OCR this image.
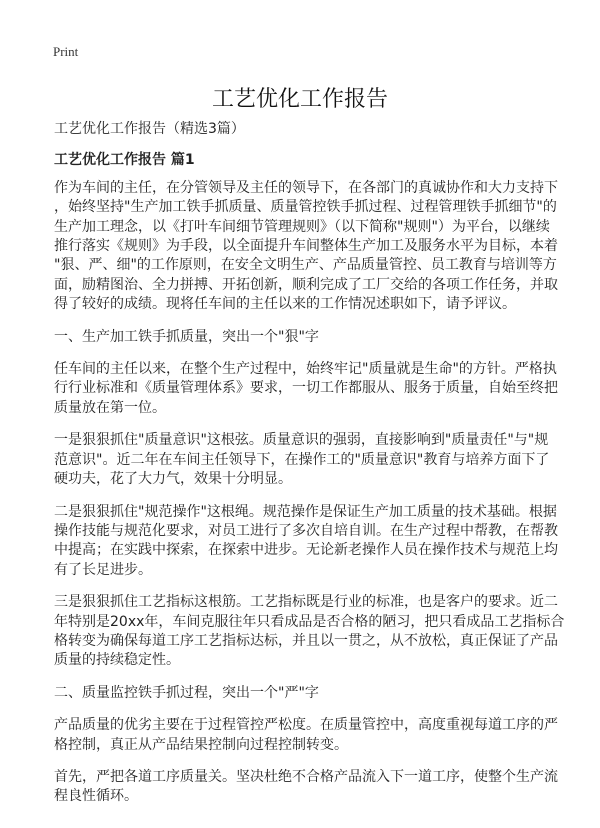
Print
工艺优化工作报告
工艺优化工作报告（精选3篇）
工艺优化工作报告 篇1
作为车间的主任，在分管领导及主任的领导下，在各部门的真诚协作和大力支持下
，始终坚持"生产加工铁手抓质量、质量管控铁手抓过程、过程管理铁手抓细节"的
生产加工理念，以《打叶车间细节管理规则》（以下简称"规则"）为平台，以继续
推行落实《规则》为手段，以全面提升车间整体生产加工及服务水平为目标，本着
"狠、严、细"的工作原则，在安全文明生产、产品质量管控、员工教育与培训等方
面，励精图治、全力拼搏、开拓创新，顺利完成了工厂交给的各项工作任务，并取
得了较好的成绩。现将任车间的主任以来的工作情况述职如下，请予评议。
一、生产加工铁手抓质量，突出一个"狠"字
任车间的主任以来，在整个生产过程中，始终牢记"质量就是生命"的方针。严格执
行行业标准和《质量管理体系》要求，一切工作都服从、服务于质量，自始至终把
质量放在第一位。
一是狠狠抓住"质量意识"这根弦。质量意识的强弱，直接影响到"质量责任"与"规
范意识"。近二年在车间主任领导下，在操作工的"质量意识"教育与培养方面下了
硬功夫，花了大力气，效果十分明显。
二是狠狠抓住"规范操作"这根绳。规范操作是保证生产加工质量的技术基础。根据
操作技能与规范化要求，对员工进行了多次自培自训。在生产过程中帮教，在帮教
中提高；在实践中探索，在探索中进步。无论新老操作人员在操作技术与规范上均
有了长足进步。
三是狠狠抓住工艺指标这根筋。工艺指标既是行业的标准，也是客户的要求。近二
年特别是20xx年，车间克服往年只看成品是否合格的陋习，把只看成品工艺指标合
格转变为确保每道工序工艺指标达标，并且以一贯之，从不放松，真正保证了产品
质量的持续稳定性。
二、质量监控铁手抓过程，突出一个"严"字
产品质量的优劣主要在于过程管控严松度。在质量管控中，高度重视每道工序的严
格控制，真正从产品结果控制向过程控制转变。
首先，严把各道工序质量关。坚决杜绝不合格产品流入下一道工序，使整个生产流
程良性循环。
